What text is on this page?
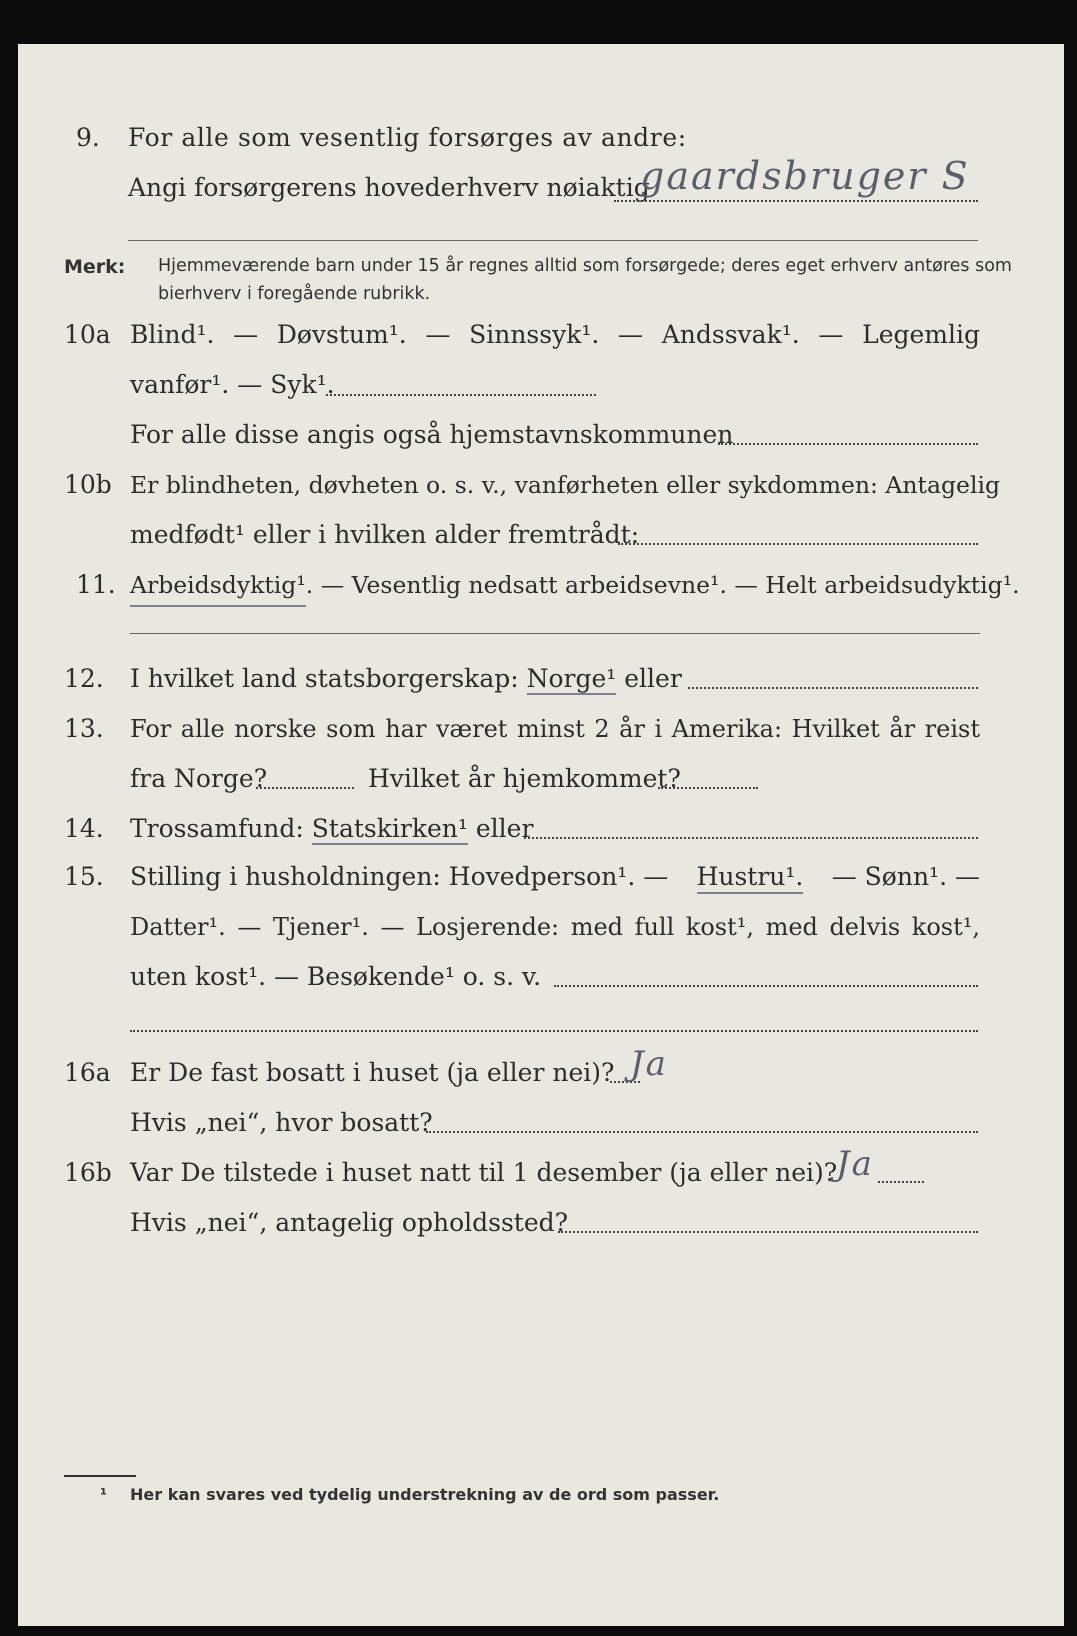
9. For alle som vesentlig forsørges av andre:
Angi forsørgerens hovederhverv nøiaktig
gaardsbruger S
Merk: Hjemmeværende barn under 15 år regnes alltid som forsørgede; deres eget erhverv antøres som bierhverv i foregående rubrikk.
10a Blind¹. — Døvstum¹. — Sinnssyk¹. — Andssvak¹. — Legemlig
vanfør¹. — Syk¹.
For alle disse angis også hjemstavnskommunen
10b Er blindheten, døvheten o. s. v., vanførheten eller sykdommen: Antagelig
medfødt¹ eller i hvilken alder fremtrådt:
11. Arbeidsdyktig¹. — Vesentlig nedsatt arbeidsevne¹. — Helt arbeidsudyktig¹.
12. I hvilket land statsborgerskap: Norge¹ eller
13. For alle norske som har været minst 2 år i Amerika: Hvilket år reist
fra Norge?	Hvilket år hjemkommet?
14. Trossamfund: Statskirken¹ eller
15. Stilling i husholdningen: Hovedperson¹. — Hustru¹. — Sønn¹. —
Datter¹. — Tjener¹. — Losjerende: med full kost¹, med delvis kost¹,
uten kost¹. — Besøkende¹ o. s. v.
16a Er De fast bosatt i huset (ja eller nei)? Ja
Hvis „nei“, hvor bosatt?
16b Var De tilstede i huset natt til 1 desember (ja eller nei)?
Ja
Hvis „nei“, antagelig opholdssted?
¹ Her kan svares ved tydelig understrekning av de ord som passer.
